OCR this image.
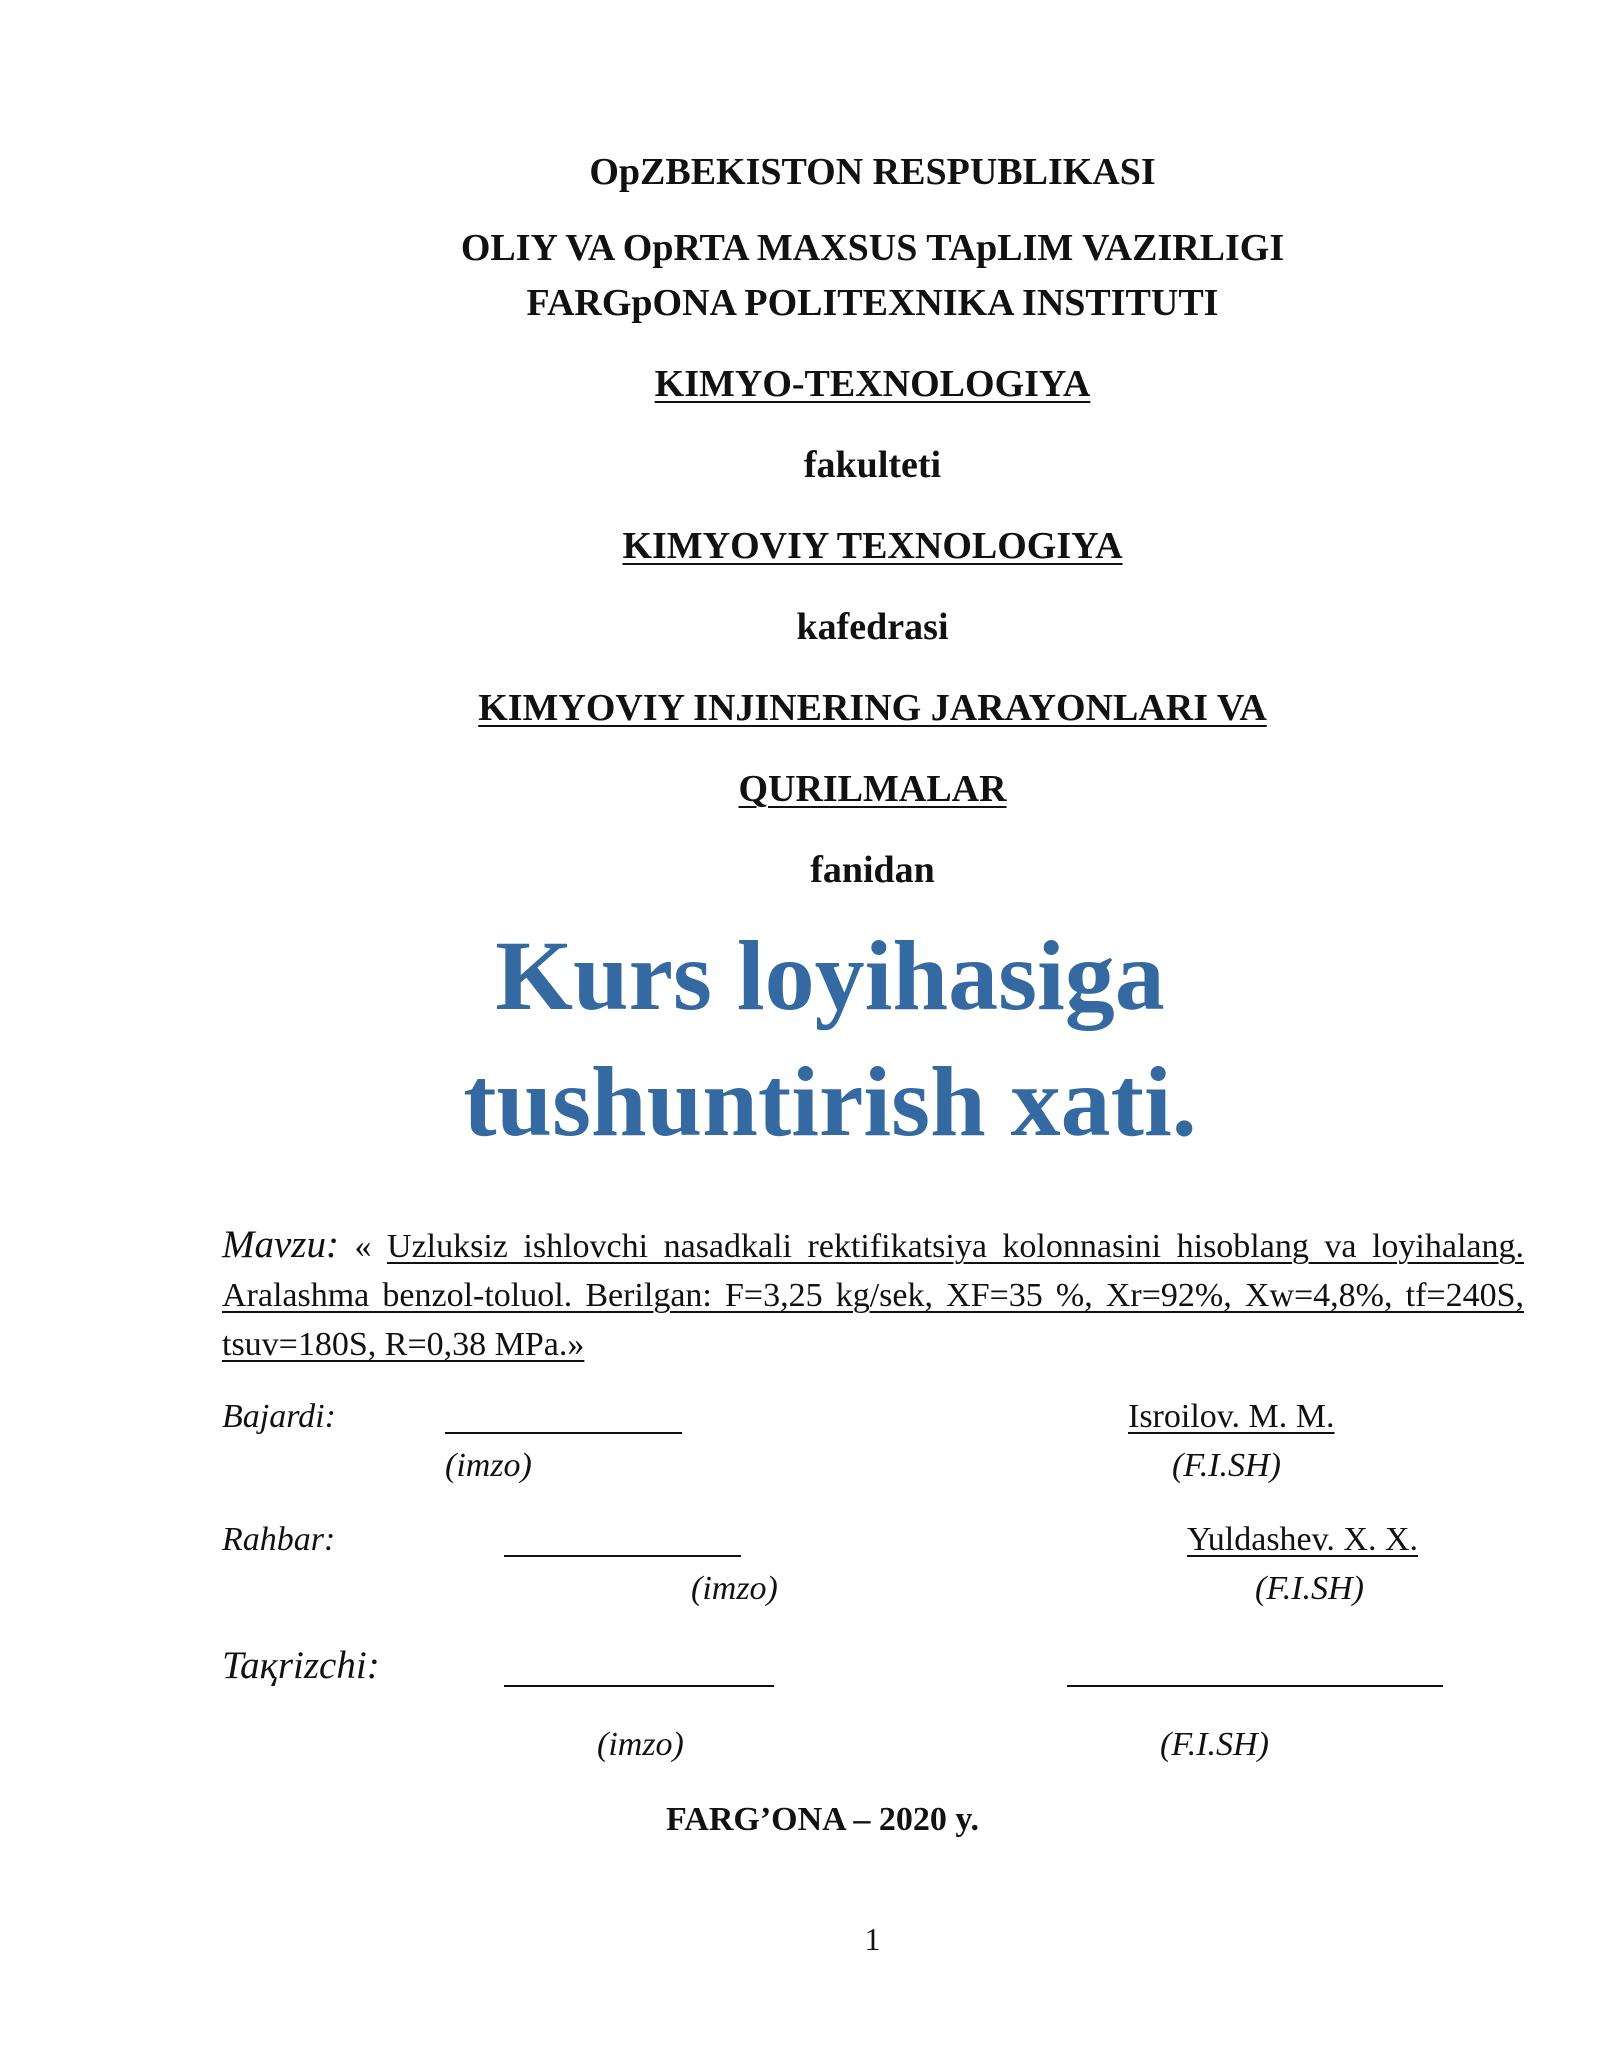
OpZBEKISTON RESPUBLIKASI
OLIY VA OpRTA MAXSUS TApLIM VAZIRLIGI
FARGpONA POLITEXNIKA INSTITUTI
KIMYO-TEXNOLOGIYA
fakulteti
KIMYOVIY TEXNOLOGIYA
kafedrasi
KIMYOVIY INJINERING JARAYONLARI VA
QURILMALAR
fanidan
Kurs loyihasiga
tushuntirish xati.
Mavzu: « Uzluksiz ishlovchi nasadkali rektifikatsiya kolonnasini hisoblang va loyihalang. Aralashma benzol-toluol. Berilgan: F=3,25 kg/sek, XF=35 %, Xr=92%, Xw=4,8%, tf=240S, tsuv=180S, R=0,38 MPa.»
Bajardi:	Isroilov. M. M.
(imzo)	(F.I.SH)
Rahbar:	Yuldashev. X. X.
(imzo)	(F.I.SH)
Taқrizchi:
(imzo)	(F.I.SH)
FARG’ONA – 2020 y.
1
